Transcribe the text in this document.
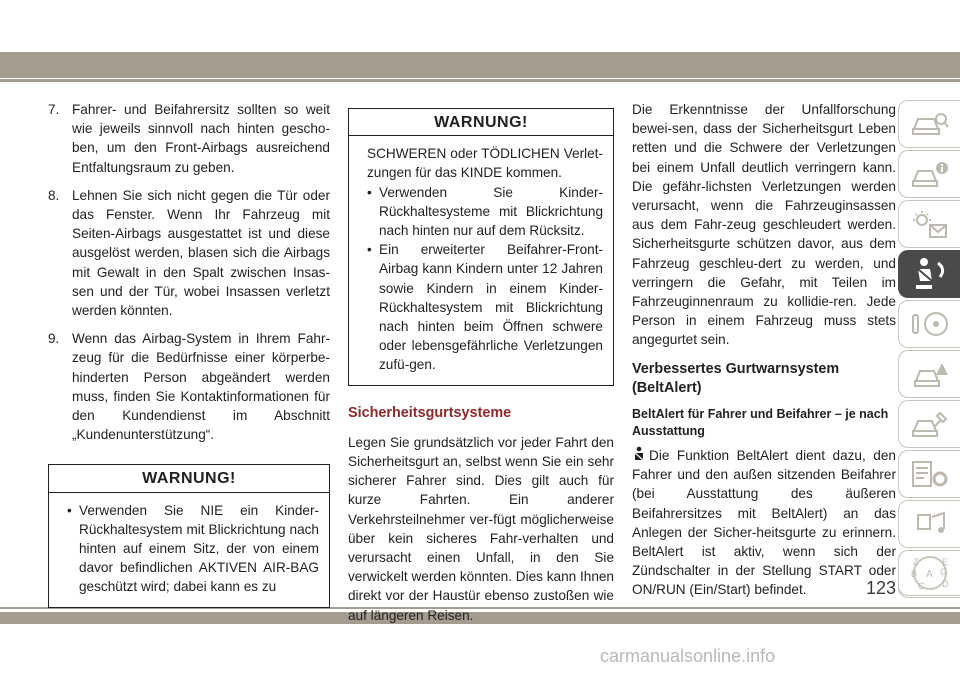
7. Fahrer- und Beifahrersitz sollten so weit wie jeweils sinnvoll nach hinten gescho-ben, um den Front-Airbags ausreichend Entfaltungsraum zu geben.
8. Lehnen Sie sich nicht gegen die Tür oder das Fenster. Wenn Ihr Fahrzeug mit Seiten-Airbags ausgestattet ist und diese ausgelöst werden, blasen sich die Airbags mit Gewalt in den Spalt zwischen Insas-sen und der Tür, wobei Insassen verletzt werden könnten.
9. Wenn das Airbag-System in Ihrem Fahr-zeug für die Bedürfnisse einer körperbe-hinderten Person abgeändert werden muss, finden Sie Kontaktinformationen für den Kundendienst im Abschnitt „Kundenunterstützung“.
WARNUNG!
• Verwenden Sie NIE ein Kinder-Rückhaltesystem mit Blickrichtung nach hinten auf einem Sitz, der von einem davor befindlichen AKTIVEN AIR-BAG geschützt wird; dabei kann es zu
WARNUNG!
SCHWEREN oder TÖDLICHEN Verlet-zungen für das KINDE kommen.
• Verwenden Sie Kinder-Rückhaltesysteme mit Blickrichtung nach hinten nur auf dem Rücksitz.
• Ein erweiterter Beifahrer-Front-Airbag kann Kindern unter 12 Jahren sowie Kindern in einem Kinder-Rückhaltesystem mit Blickrichtung nach hinten beim Öffnen schwere oder lebensgefährliche Verletzungen zufü-gen.
Sicherheitsgurtsysteme

Legen Sie grundsätzlich vor jeder Fahrt den Sicherheitsgurt an, selbst wenn Sie ein sehr sicherer Fahrer sind. Dies gilt auch für kurze Fahrten. Ein anderer Verkehrsteilnehmer ver-fügt möglicherweise über kein sicheres Fahr-verhalten und verursacht einen Unfall, in den Sie verwickelt werden könnten. Dies kann Ihnen direkt vor der Haustür ebenso zustoßen wie auf längeren Reisen.

Die Erkenntnisse der Unfallforschung bewei-sen, dass der Sicherheitsgurt Leben retten und die Schwere der Verletzungen bei einem Unfall deutlich verringern kann. Die gefähr-lichsten Verletzungen werden verursacht, wenn die Fahrzeuginsassen aus dem Fahr-zeug geschleudert werden. Sicherheitsgurte schützen davor, aus dem Fahrzeug geschleu-dert zu werden, und verringern die Gefahr, mit Teilen im Fahrzeuginnenraum zu kollidie-ren. Jede Person in einem Fahrzeug muss stets angegurtet sein.

Verbessertes Gurtwarnsystem (BeltAlert)
BeltAlert für Fahrer und Beifahrer – je nach Ausstattung

Die Funktion BeltAlert dient dazu, den Fahrer und den außen sitzenden Beifahrer (bei Ausstattung des äußeren Beifahrersitzes mit BeltAlert) an das Anlegen der Sicher-heitsgurte zu erinnern. BeltAlert ist aktiv, wenn sich der Zündschalter in der Stellung START oder ON/RUN (Ein/Start) befindet.

Z	E
B A G
C D
123
carmanualsonline.info
